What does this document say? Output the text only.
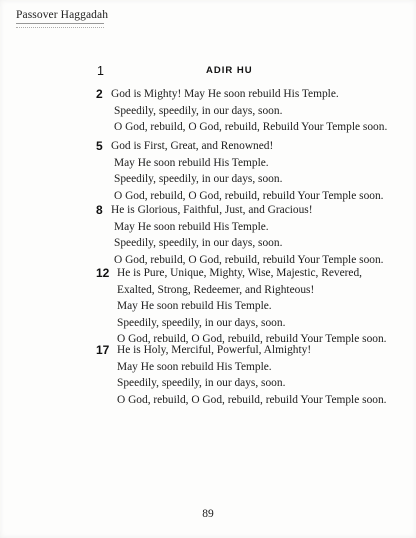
Passover Haggadah
1	ADIR HU
2 God is Mighty! May He soon rebuild His Temple.
Speedily, speedily, in our days, soon.
O God, rebuild, O God, rebuild, Rebuild Your Temple soon.
5 God is First, Great, and Renowned!
May He soon rebuild His Temple.
Speedily, speedily, in our days, soon.
O God, rebuild, O God, rebuild, rebuild Your Temple soon.
8 He is Glorious, Faithful, Just, and Gracious!
May He soon rebuild His Temple.
Speedily, speedily, in our days, soon.
O God, rebuild, O God, rebuild, rebuild Your Temple soon.
12 He is Pure, Unique, Mighty, Wise, Majestic, Revered,
Exalted, Strong, Redeemer, and Righteous!
May He soon rebuild His Temple.
Speedily, speedily, in our days, soon.
O God, rebuild, O God, rebuild, rebuild Your Temple soon.
17 He is Holy, Merciful, Powerful, Almighty!
May He soon rebuild His Temple.
Speedily, speedily, in our days, soon.
O God, rebuild, O God, rebuild, rebuild Your Temple soon.
89
